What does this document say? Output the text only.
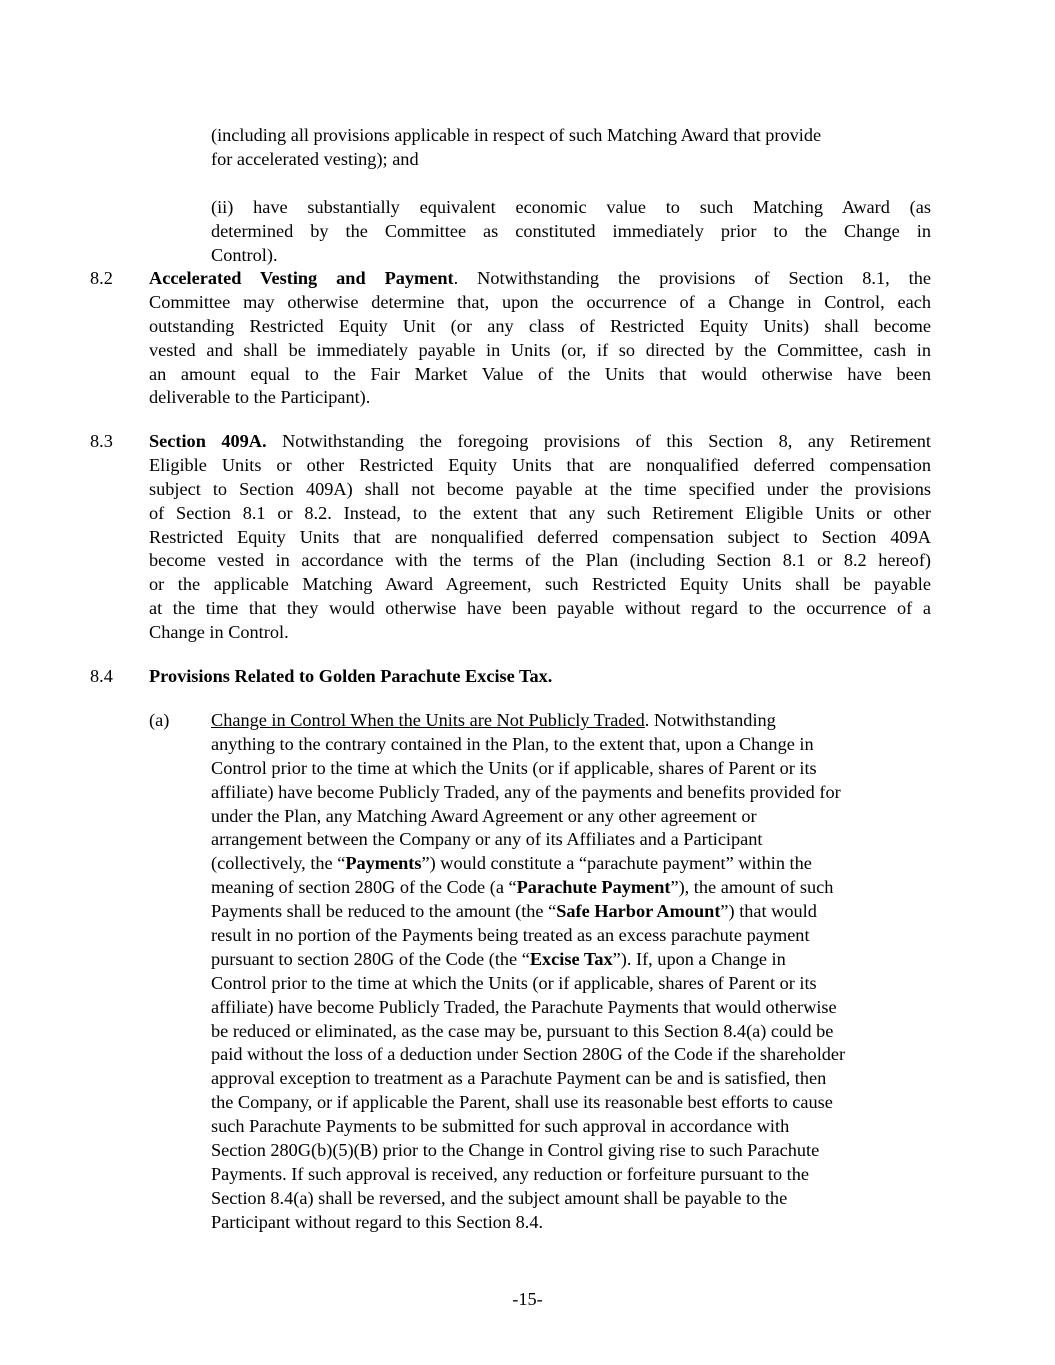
(including all provisions applicable in respect of such Matching Award that provide
for accelerated vesting); and
(ii) have substantially equivalent economic value to such Matching Award (as
determined by the Committee as constituted immediately prior to the Change in
Control).
8.2 Accelerated Vesting and Payment. Notwithstanding the provisions of Section 8.1, the
Committee may otherwise determine that, upon the occurrence of a Change in Control, each
outstanding Restricted Equity Unit (or any class of Restricted Equity Units) shall become
vested and shall be immediately payable in Units (or, if so directed by the Committee, cash in
an amount equal to the Fair Market Value of the Units that would otherwise have been
deliverable to the Participant).
8.3 Section 409A. Notwithstanding the foregoing provisions of this Section 8, any Retirement
Eligible Units or other Restricted Equity Units that are nonqualified deferred compensation
subject to Section 409A) shall not become payable at the time specified under the provisions
of Section 8.1 or 8.2. Instead, to the extent that any such Retirement Eligible Units or other
Restricted Equity Units that are nonqualified deferred compensation subject to Section 409A
become vested in accordance with the terms of the Plan (including Section 8.1 or 8.2 hereof)
or the applicable Matching Award Agreement, such Restricted Equity Units shall be payable
at the time that they would otherwise have been payable without regard to the occurrence of a
Change in Control.
8.4 Provisions Related to Golden Parachute Excise Tax.
(a) Change in Control When the Units are Not Publicly Traded. Notwithstanding
anything to the contrary contained in the Plan, to the extent that, upon a Change in
Control prior to the time at which the Units (or if applicable, shares of Parent or its
affiliate) have become Publicly Traded, any of the payments and benefits provided for
under the Plan, any Matching Award Agreement or any other agreement or
arrangement between the Company or any of its Affiliates and a Participant
(collectively, the “Payments”) would constitute a “parachute payment” within the
meaning of section 280G of the Code (a “Parachute Payment”), the amount of such
Payments shall be reduced to the amount (the “Safe Harbor Amount”) that would
result in no portion of the Payments being treated as an excess parachute payment
pursuant to section 280G of the Code (the “Excise Tax”). If, upon a Change in
Control prior to the time at which the Units (or if applicable, shares of Parent or its
affiliate) have become Publicly Traded, the Parachute Payments that would otherwise
be reduced or eliminated, as the case may be, pursuant to this Section 8.4(a) could be
paid without the loss of a deduction under Section 280G of the Code if the shareholder
approval exception to treatment as a Parachute Payment can be and is satisfied, then
the Company, or if applicable the Parent, shall use its reasonable best efforts to cause
such Parachute Payments to be submitted for such approval in accordance with
Section 280G(b)(5)(B) prior to the Change in Control giving rise to such Parachute
Payments. If such approval is received, any reduction or forfeiture pursuant to the
Section 8.4(a) shall be reversed, and the subject amount shall be payable to the
Participant without regard to this Section 8.4.
-15-
